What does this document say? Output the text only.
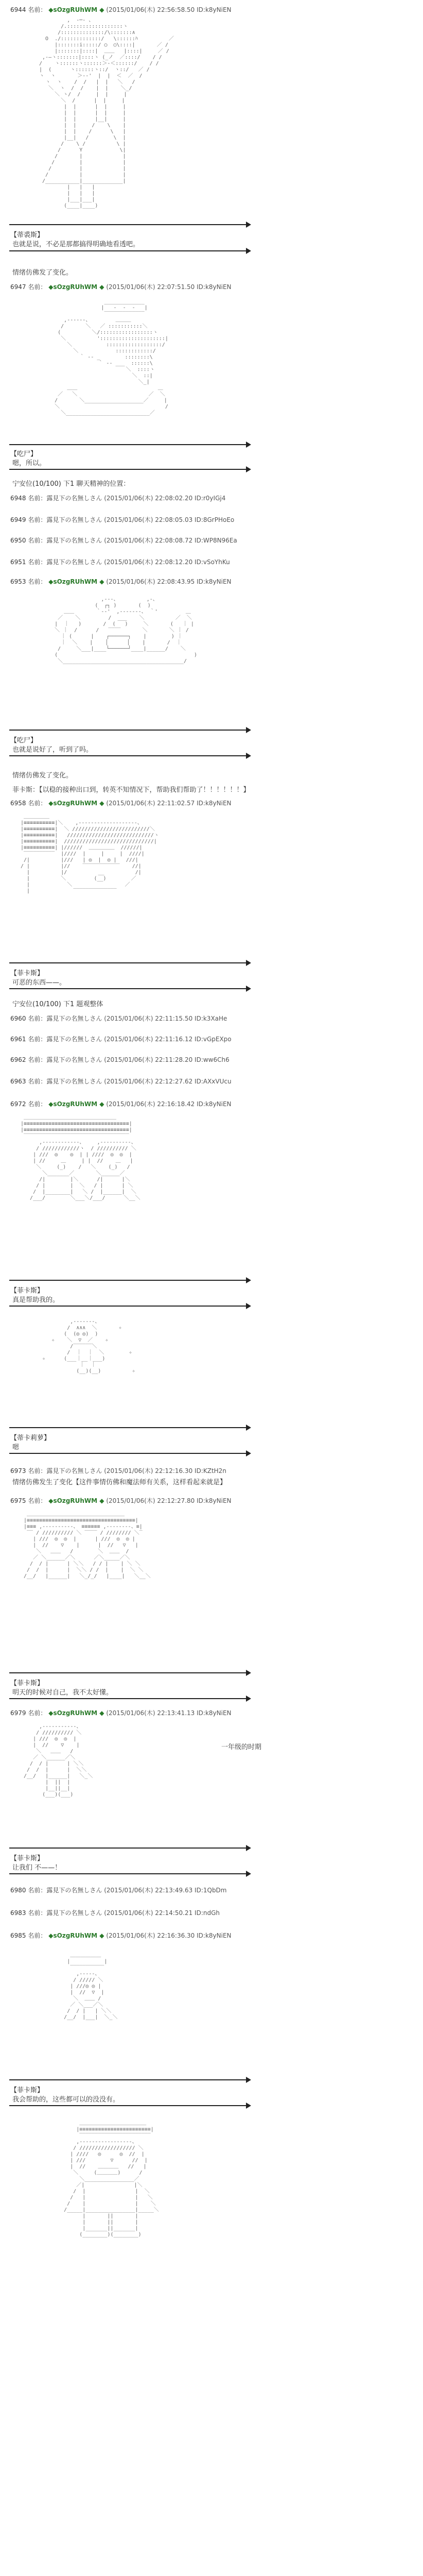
6944 名前： ◆sOzgRUhWM ◆ (2015/01/06(木) 22:56:58.50 ID:k8yNiEN
,  -─- 、
/.::::::::::::::::::ヽ
/::::::::::::::/\:::::::∧
O  ./:::::::::::::/   \::::::ﾊ          ／
|:::::::i:::::/ ○  ○\::::|       ／ /
|:::::::|::::|  ＿＿   |::::|     ／ /
,-―ヽ:::::::|::::ヽ (_ノ  ／::::/    / /
/    ヽ::::::ヽ::::::＞‐＜::::::/    / /
|  (      ヽ::::::ヽ::/  ヽ::/   ／ /
ヽ  ヽ       ＞-‐'  |  |  ＜  ／  /
ヽ  ヽ    /  /   |  |   ＼   /
＼  ヽ  /  /    |  |    ＼_/
＼ ヽ/  /     |  |     |
＼  /      |  |     |
|  |      |  |     |
|  |      |  |     |
|  |      |__|     |
|  |     /    \    |
|  |    /      \   |
|__|   /        \  |
/    \ /          \ |
/      Y            \|
/       |             |
/        |             |
/         |             |
/          |             |
/___________|_____________|
|   |   |
|   |   |
|___|___|
(____|____)
【蒂裘斯】
也就是说，不必是那都搞得明确地看透吧。
情绪仿佛发了变化。
6947 名前： ◆sOzgRUhWM ◆ (2015/01/06(木) 22:07:51.50 ID:k8yNiEN
_____________
|   -  -  -   |
‾‾‾‾‾‾‾‾‾‾‾‾‾
,-‐‐‐‐-、        ＿＿＿
/       ＼   ／ :::::::::::＼
(          ＼/:::::::::::::::::ヽ
＼          ':::::::::::::::::::::|
＼           ::::::::::::::::::/
＼            ::::::::::::/
｀ ‐- _        ::::::::\
｀ ‐- ___  ::::::\
＼  ::::ヽ
＼  ::|
＼_|
＿＿                          ＿
／   ＼                       ／  ＼
/       ＼___________________／     |
＼                                  /
＼___________________________／
【吃尸】
嗯，所以。
宁安位(10/100) 下1 聊天精神的位置：
6948 名前：露見下の名無しさん (2015/01/06(木) 22:08:02.20 ID:r0yIGj4
6949 名前：露見下の名無しさん (2015/01/06(木) 22:08:05.03 ID:8GrPHoEo
6950 名前：露見下の名無しさん (2015/01/06(木) 22:08:08.72 ID:WP8N96Ea
6951 名前：露見下の名無しさん (2015/01/06(木) 22:08:12.20 ID:vSoYhKu
6953 名前： ◆sOzgRUhWM ◆ (2015/01/06(木) 22:08:43.95 ID:k8yNiEN
,‐‐‐、         ,-、
(  ┌┐ )       (  )
＿＿       ｀-‐'  ,-‐‐‐‐‐-、 ｀'         ＿
／    ＼         /  ___    ＼          ／  ＼
|  ｜   )       /  (   )     ＼       (   ｜ |
＼ ｜  /      /   ‾‾‾‾       ＼       ＼ ｜ /
｜ (      |    ┌──────┐    |        ) ｜
｜  ＼    |    │      │    |       /  ｜
/     ＼___|____└──────┘____|______/    ＼
(                                            )
＼_______________________________________/
【吃尸】
也就是说好了，听到了吗。
情绪仿佛发了变化。
菲卡斯：【以稳的接种出口到，转英不知情况下，帮助我们帮助了！！！！！！】
6958 名前： ◆sOzgRUhWM ◆ (2015/01/06(木) 22:11:02.57 ID:k8yNiEN
＿＿＿＿＿
|≡≡≡≡≡≡≡≡≡≡|＼    ,-‐‐‐‐‐‐‐‐‐‐‐‐‐‐‐‐‐-、
|≡≡≡≡≡≡≡≡≡≡|  ＼ /////////////////////////＼
|≡≡≡≡≡≡≡≡≡≡|   ////////////////////////////ヽ
|≡≡≡≡≡≡≡≡≡≡|  /////////////////////////////|
|≡≡≡≡≡≡≡≡≡≡| |//////  ＿＿＿＿＿  //////|
‾‾‾‾‾‾‾‾‾‾  |////  |     |     |  ////|
/|          |///   | ◎  |  ◎ |   ///|
/ |          |//    ‾‾‾‾‾‾‾‾‾‾‾‾    //|
|          |/          __          /|
|          ＼         (__)        ／
|            ＼                 ／
|              ‾‾‾‾‾‾‾‾‾‾‾‾‾‾
【菲卡斯】
可恶的东西——。
宁安位(10/100) 下1 题观整体
6960 名前：露見下の名無しさん (2015/01/06(木) 22:11:15.50 ID:k3XaHe
6961 名前：露見下の名無しさん (2015/01/06(木) 22:11:16.12 ID:vGpEXpo
6962 名前：露見下の名無しさん (2015/01/06(木) 22:11:28.20 ID:ww6Ch6
6963 名前：露見下の名無しさん (2015/01/06(木) 22:12:27.62 ID:AXxVUcu
6972 名前： ◆sOzgRUhWM ◆ (2015/01/06(木) 22:16:18.42 ID:k8yNiEN
＿＿＿＿＿＿＿＿＿＿＿＿＿＿＿＿＿＿
|≡≡≡≡≡≡≡≡≡≡≡≡≡≡≡≡≡≡≡≡≡≡≡≡≡≡≡≡≡≡≡≡≡≡|
|≡≡≡≡≡≡≡≡≡≡≡≡≡≡≡≡≡≡≡≡≡≡≡≡≡≡≡≡≡≡≡≡≡≡|
‾‾‾‾‾‾‾‾‾‾‾‾‾‾‾‾‾‾‾‾‾‾‾‾‾‾‾‾‾‾‾‾‾‾
,-‐‐‐‐‐‐‐‐‐‐-、    ,-‐‐‐‐‐‐‐‐-、
/ ////////////ヽ  / ////////// ＼
| ///  ◎    ◎  | | ////  ◎  ◎  |
| //     ＿     | |  //    ＿   |
＼     (_)    /   ＼    (_)   /
＼_______／       ＼______／
/|        |＼      /|      |＼
/ |        |  ＼   / |      | ＼
/  |________|   ＼ /  |______|  ＼
/___/        ＼___＼/___/      ＼__＼
【菲卡斯】
真是帮助我的。
,-‐‐‐‐‐-、
/  ∧∧∧  ＼       ✧
(  (◎ ◎)  )
✧    ＼  ▽  ／    ✧
/‾‾‾‾‾‾＼
/  ｜  ｜  ＼        ✧
✧      (___｜__｜___)
｜  ｜
(__)(__)          ✧
【蒂卡莉萝】
嗯
6973 名前：露見下の名無しさん (2015/01/06(木) 22:12:16.30 ID:KZtH2n
情绪仿佛发生了变化【这件事情仿佛和魔法师有关系，这样看起来就是】
6975 名前： ◆sOzgRUhWM ◆ (2015/01/06(木) 22:12:27.80 ID:k8yNiEN
＿＿＿＿＿＿＿＿＿＿＿＿＿＿＿＿＿＿＿
|≡≡≡≡≡≡≡≡≡≡≡≡≡≡≡≡≡≡≡≡≡≡≡≡≡≡≡≡≡≡≡≡≡≡≡|
|≡≡≡ ,-‐‐‐‐‐‐‐‐-、 ≡≡≡≡≡≡ ,-‐‐‐‐‐‐-、≡|
‾‾ / ////////// ＼ ‾‾‾‾ / //////// ＼‾
| ///  ◎  ◎  |      | ///  ◎  ◎ |
|  //    ▽    |      |  //   ▽   |
＼   ＿＿   /        ＼  ＿＿  /
／ ＼______／＼      ／＼_____／＼
/  / |      | ＼＼   / / |    | ＼ ＼
/  /  |      |  ＼＼ / /  |    |  ＼ ＼
/__/   |______|   ＼_/_/   |____|   ＼__＼
【菲卡斯】
明天的时候对自己，我不太好懂。
6979 名前： ◆sOzgRUhWM ◆ (2015/01/06(木) 22:13:41.13 ID:k8yNiEN
,-‐‐‐‐‐‐‐‐‐-、
/ ////////// ＼
| ///  ◎  ◎  |
|  //    ▽    |
＼   ＿＿   /
／ ＼______／＼
/  / |      | ＼＼
/  /  |      |  ＼＼
/__/   |______|   ＼_＼
|  ||  |
|__||__|
(___)(___)
一年级的时期
【菲卡斯】
让我们 不——！
6980 名前：露見下の名無しさん (2015/01/06(木) 22:13:49.63 ID:1QbDm
6983 名前：露見下の名無しさん (2015/01/06(木) 22:14:50.21 ID:ndGh
6985 名前： ◆sOzgRUhWM ◆ (2015/01/06(木) 22:16:36.30 ID:k8yNiEN
＿＿＿＿＿＿
|           |
‾‾‾‾‾‾‾‾‾‾‾
,-‐‐‐-、
/ ///// ＼
| ///◎ ◎ |
|  //  ▽  |
＼  ＿＿ /
／ ＼___／＼
/  / |   | ＼＼
/__/  |___|  ＼_＼
【菲卡斯】
我会帮助的，这些都可以的没没有。
＿＿＿＿＿＿＿＿＿＿＿＿＿
|≡≡≡≡≡≡≡≡≡≡≡≡≡≡≡≡≡≡≡≡≡≡≡|
‾‾‾‾‾‾‾‾‾‾‾‾‾‾‾‾‾‾‾‾‾‾‾
,-‐‐‐‐‐‐‐‐‐‐‐‐‐‐‐-、
/ ////////////////// ＼
| ////   ◎      ◎  //  |
| ///        ▽      //  |
|  //    ＿＿＿＿   //   |
＼     (＿＿＿＿)      /
＼________________／
／|                |＼
/  |                |  ＼
/   |                |   ＼
/    |                |    ＼
/_____|________________|_____＼
|       ||       |
|       ||       |
|_______||_______|
(________)(________)
